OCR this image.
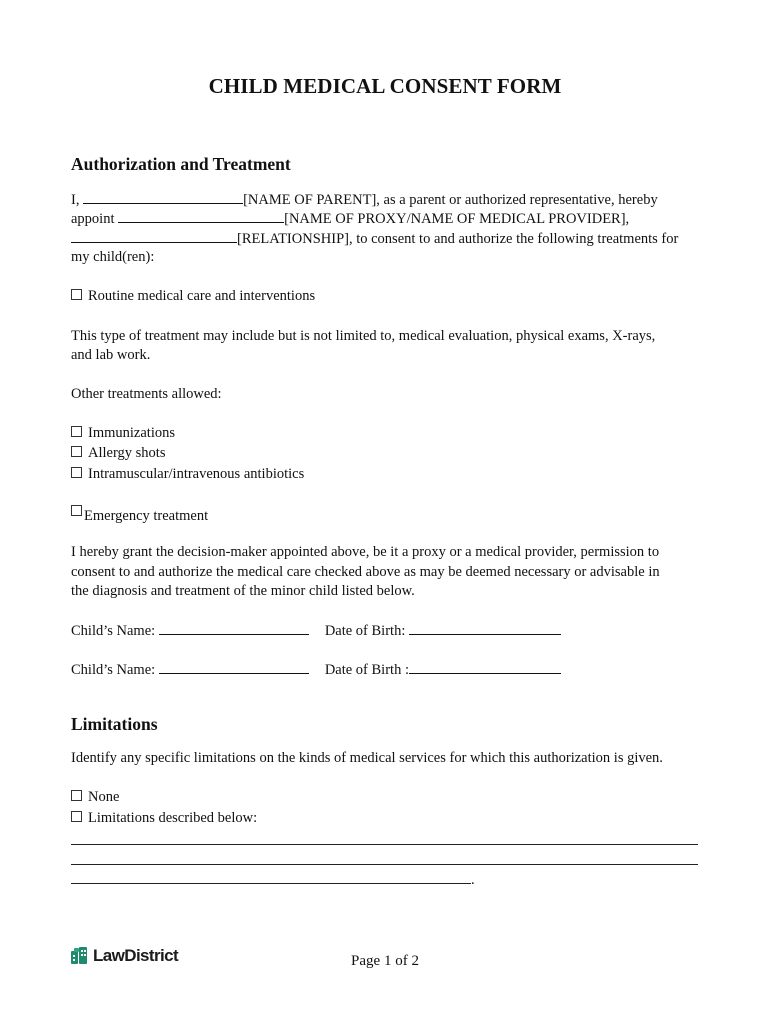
CHILD MEDICAL CONSENT FORM
Authorization and Treatment
I,	[NAME OF PARENT], as a parent or authorized representative, hereby
appoint	[NAME OF PROXY/NAME OF MEDICAL PROVIDER],
[RELATIONSHIP], to consent to and authorize the following treatments for
my child(ren):
Routine medical care and interventions
This type of treatment may include but is not limited to, medical evaluation, physical exams, X-rays,
and lab work.
Other treatments allowed:
Immunizations
Allergy shots
Intramuscular/intravenous antibiotics
Emergency treatment
I hereby grant the decision-maker appointed above, be it a proxy or a medical provider, permission to
consent to and authorize the medical care checked above as may be deemed necessary or advisable in
the diagnosis and treatment of the minor child listed below.
Child’s Name:	Date of Birth:
Child’s Name:	Date of Birth :
Limitations
Identify any specific limitations on the kinds of medical services for which this authorization is given.
None
Limitations described below:
.
LawDistrict	Page 1 of 2
